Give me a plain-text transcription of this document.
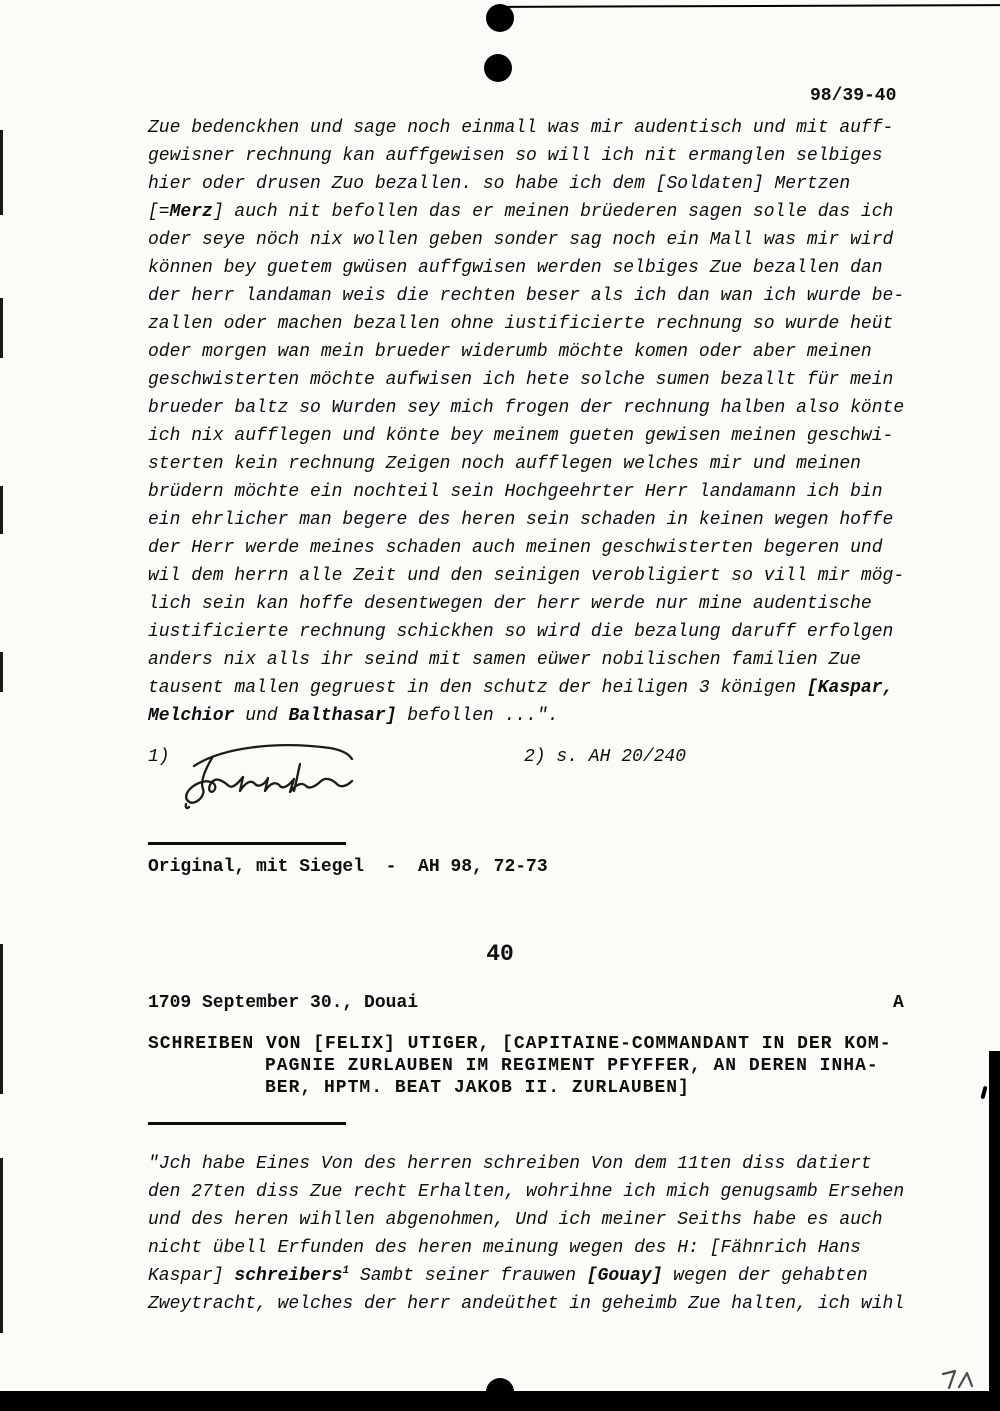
98/39-40
Zue bedenckhen und sage noch einmall was mir audentisch und mit auff-
gewisner rechnung kan auffgewisen so will ich nit ermanglen selbiges
hier oder drusen Zuo bezallen. so habe ich dem [Soldaten] Mertzen
[=Merz] auch nit befollen das er meinen brüederen sagen solle das ich
oder seye nöch nix wollen geben sonder sag noch ein Mall was mir wird
können bey guetem gwüsen auffgwisen werden selbiges Zue bezallen dan
der herr landaman weis die rechten beser als ich dan wan ich wurde be-
zallen oder machen bezallen ohne iustificierte rechnung so wurde heüt
oder morgen wan mein brueder widerumb möchte komen oder aber meinen
geschwisterten möchte aufwisen ich hete solche sumen bezallt für mein
brueder baltz so Wurden sey mich frogen der rechnung halben also könte
ich nix aufflegen und könte bey meinem gueten gewisen meinen geschwi-
sterten kein rechnung Zeigen noch aufflegen welches mir und meinen
brüdern möchte ein nochteil sein Hochgeehrter Herr landamann ich bin
ein ehrlicher man begere des heren sein schaden in keinen wegen hoffe
der Herr werde meines schaden auch meinen geschwisterten begeren und
wil dem herrn alle Zeit und den seinigen verobligiert so vill mir mög-
lich sein kan hoffe desentwegen der herr werde nur mine audentische
iustificierte rechnung schickhen so wird die bezalung daruff erfolgen
anders nix alls ihr seind mit samen eüwer nobilischen familien Zue
tausent mallen gegruest in den schutz der heiligen 3 königen [Kaspar,
Melchior und Balthasar] befollen ...".
1)	2) s. AH 20/240
Original, mit Siegel  -  AH 98, 72-73
40
1709 September 30., Douai	A
SCHREIBEN VON [FELIX] UTIGER, [CAPITAINE-COMMANDANT IN DER KOM-
PAGNIE ZURLAUBEN IM REGIMENT PFYFFER, AN DEREN INHA-
BER, HPTM. BEAT JAKOB II. ZURLAUBEN]
"Jch habe Eines Von des herren schreiben Von dem 11ten diss datiert
den 27ten diss Zue recht Erhalten, wohrihne ich mich genugsamb Ersehen
und des heren wihllen abgenohmen, Und ich meiner Seiths habe es auch
nicht übell Erfunden des heren meinung wegen des H: [Fähnrich Hans
Kaspar] schreibers$^1$ Sambt seiner frauwen [Gouay] wegen der gehabten
Zweytracht, welches der herr andeüthet in geheimb Zue halten, ich wihl
